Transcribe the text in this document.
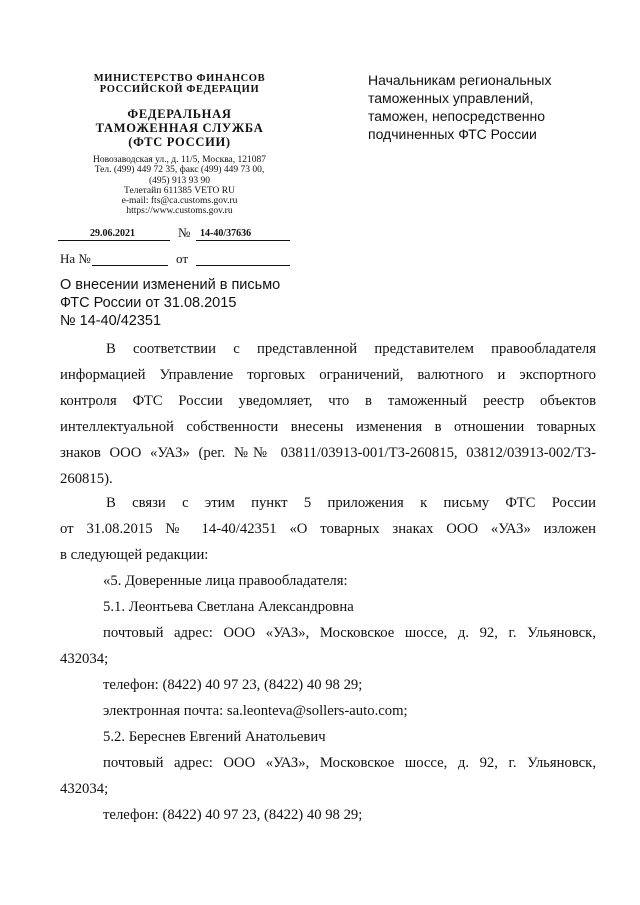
МИНИСТЕРСТВО ФИНАНСОВ
РОССИЙСКОЙ ФЕДЕРАЦИИ
ФЕДЕРАЛЬНАЯ
ТАМОЖЕННАЯ СЛУЖБА
(ФТС РОССИИ)
Новозаводская ул., д. 11/5, Москва, 121087
Тел. (499) 449 72 35, факс (499) 449 73 00,
(495) 913 93 90
Телетайп 611385 VETO RU
e-mail: fts@ca.customs.gov.ru
https://www.customs.gov.ru
Начальникам региональных
таможенных управлений,
таможен, непосредственно
подчиненных ФТС России
29.06.2021	№ 14-40/37636
На №	от
О внесении изменений в письмо
ФТС России от 31.08.2015
№ 14-40/42351
В соответствии с представленной представителем правообладателя
информацией Управление торговых ограничений, валютного и экспортного
контроля ФТС России уведомляет, что в таможенный реестр объектов
интеллектуальной собственности внесены изменения в отношении товарных
знаков ООО «УАЗ» (рег. №№ 03811/03913-001/ТЗ-260815, 03812/03913-002/ТЗ-
260815).
В связи с этим пункт 5 приложения к письму ФТС России
от 31.08.2015 № 14-40/42351 «О товарных знаках ООО «УАЗ» изложен
в следующей редакции:
«5. Доверенные лица правообладателя:
5.1. Леонтьева Светлана Александровна
почтовый адрес: ООО «УАЗ», Московское шоссе, д. 92, г. Ульяновск,
432034;
телефон: (8422) 40 97 23, (8422) 40 98 29;
электронная почта: sa.leonteva@sollers-auto.com;
5.2. Береснев Евгений Анатольевич
почтовый адрес: ООО «УАЗ», Московское шоссе, д. 92, г. Ульяновск,
432034;
телефон: (8422) 40 97 23, (8422) 40 98 29;
